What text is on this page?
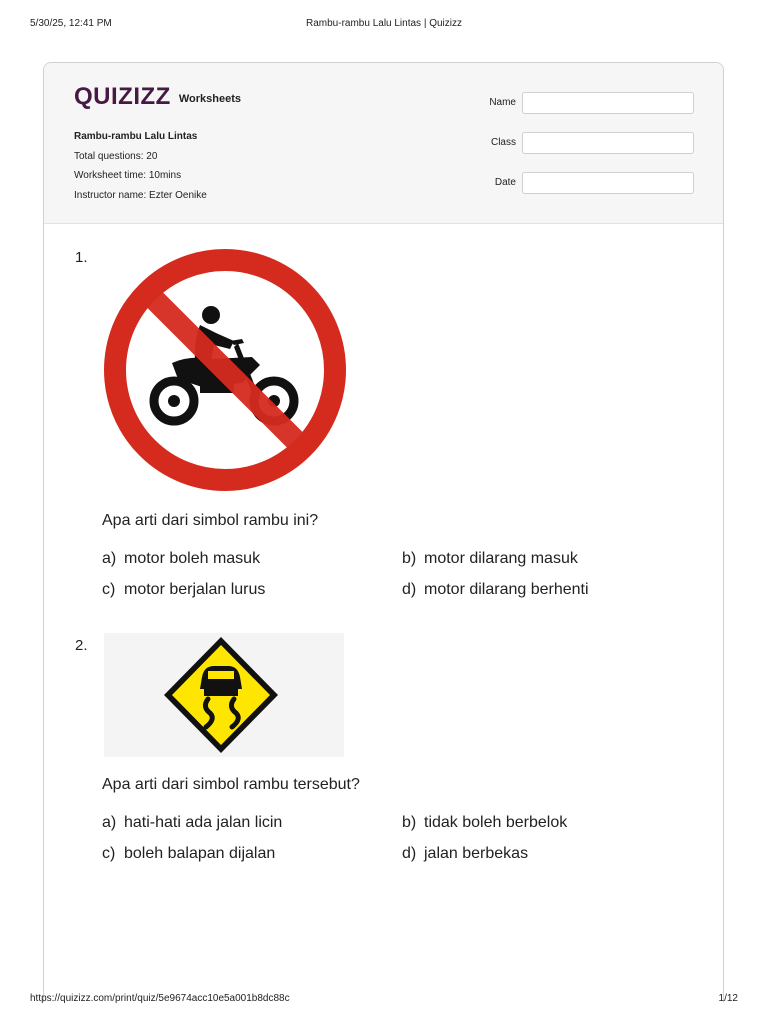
5/30/25, 12:41 PM	Rambu-rambu Lalu Lintas | Quizizz
QUIZIZZ Worksheets
Rambu-rambu Lalu Lintas
Total questions: 20
Worksheet time: 10mins
Instructor name: Ezter Oenike
Name
Class
Date
1.
Apa arti dari simbol rambu ini?
a) motor boleh masuk	b) motor dilarang masuk
c) motor berjalan lurus	d) motor dilarang berhenti
2.
Apa arti dari simbol rambu tersebut?
a) hati-hati ada jalan licin	b) tidak boleh berbelok
c) boleh balapan dijalan	d) jalan berbekas
https://quizizz.com/print/quiz/5e9674acc10e5a001b8dc88c	1/12
